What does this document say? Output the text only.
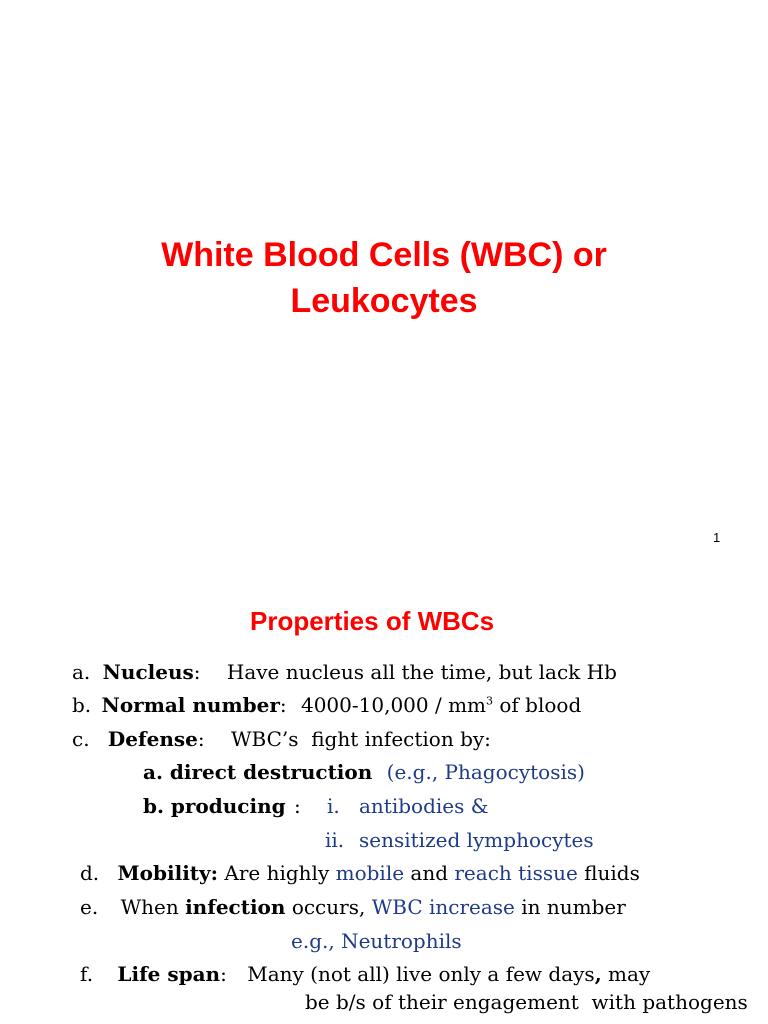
White Blood Cells (WBC) or
Leukocytes
1
Properties of WBCs
a. Nucleus: Have nucleus all the time, but lack Hb
b. Normal number: $4000-10,000 / mm^3$ of blood
c. Defense: WBC’s  fight infection by:
a. direct destruction (e.g., Phagocytosis)
b. producing : i. antibodies &
ii. sensitized lymphocytes
d. Mobility: Are highly mobile and reach tissue fluids
e. When infection occurs, WBC increase in number
e.g., Neutrophils
f. Life span: Many (not all) live only a few days, may
be b/s of their engagement  with pathogens
